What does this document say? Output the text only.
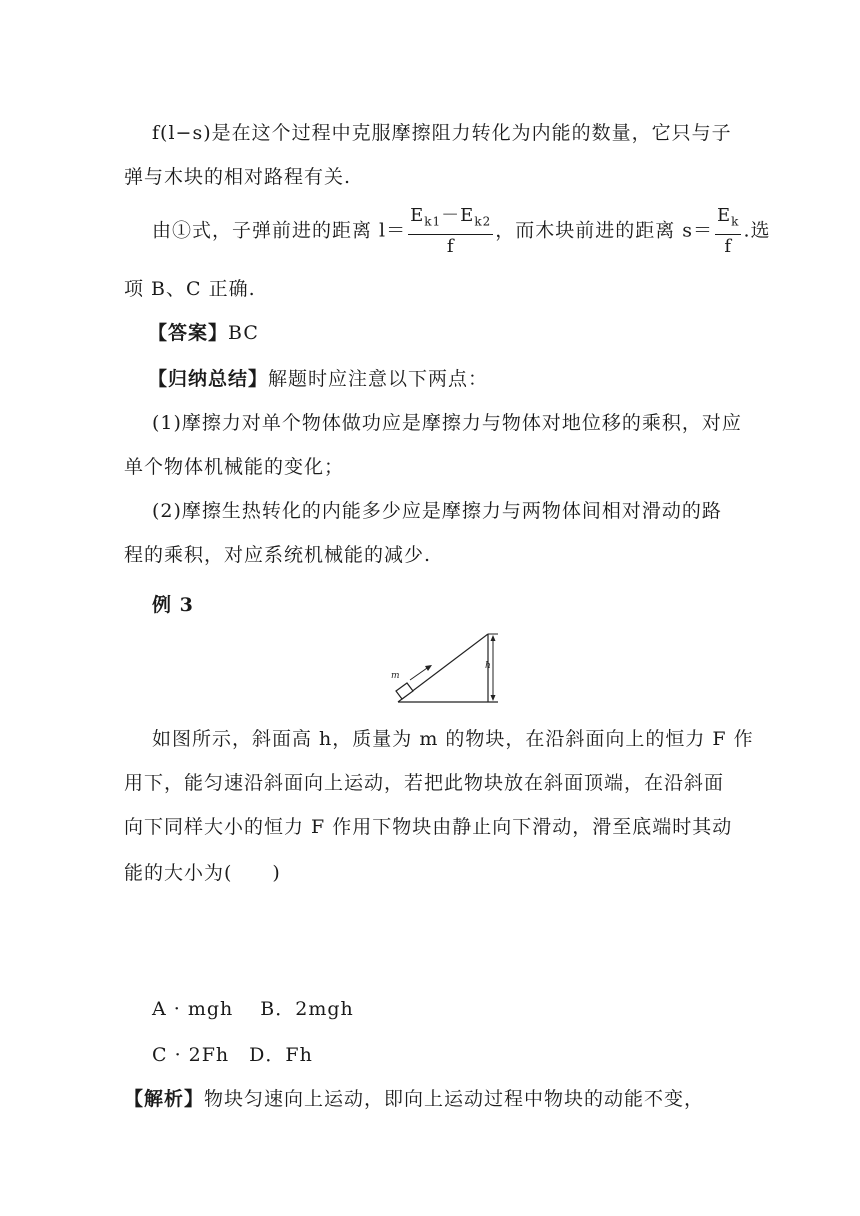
f(l−s)是在这个过程中克服摩擦阻力转化为内能的数量，它只与子
弹与木块的相对路程有关.
由①式，子弹前进的距离 $l= \frac{E_{k1}-E_{k2}}{f}$ ，而木块前进的距离 $s= \frac{E_k}{f}$ .选
项 B、C 正确.
【答案】BC
【归纳总结】解题时应注意以下两点：
(1)摩擦力对单个物体做功应是摩擦力与物体对地位移的乘积，对应
单个物体机械能的变化；
(2)摩擦生热转化的内能多少应是摩擦力与两物体间相对滑动的路
程的乘积，对应系统机械能的减少.
例 3
m
h
如图所示，斜面高 h，质量为 m 的物块，在沿斜面向上的恒力 F 作
用下，能匀速沿斜面向上运动，若把此物块放在斜面顶端，在沿斜面
向下同样大小的恒力 F 作用下物块由静止向下滑动，滑至底端时其动
能的大小为(　　)
A · mgh　 B．2mgh
C · 2Fh　D．Fh
【解析】物块匀速向上运动，即向上运动过程中物块的动能不变，
